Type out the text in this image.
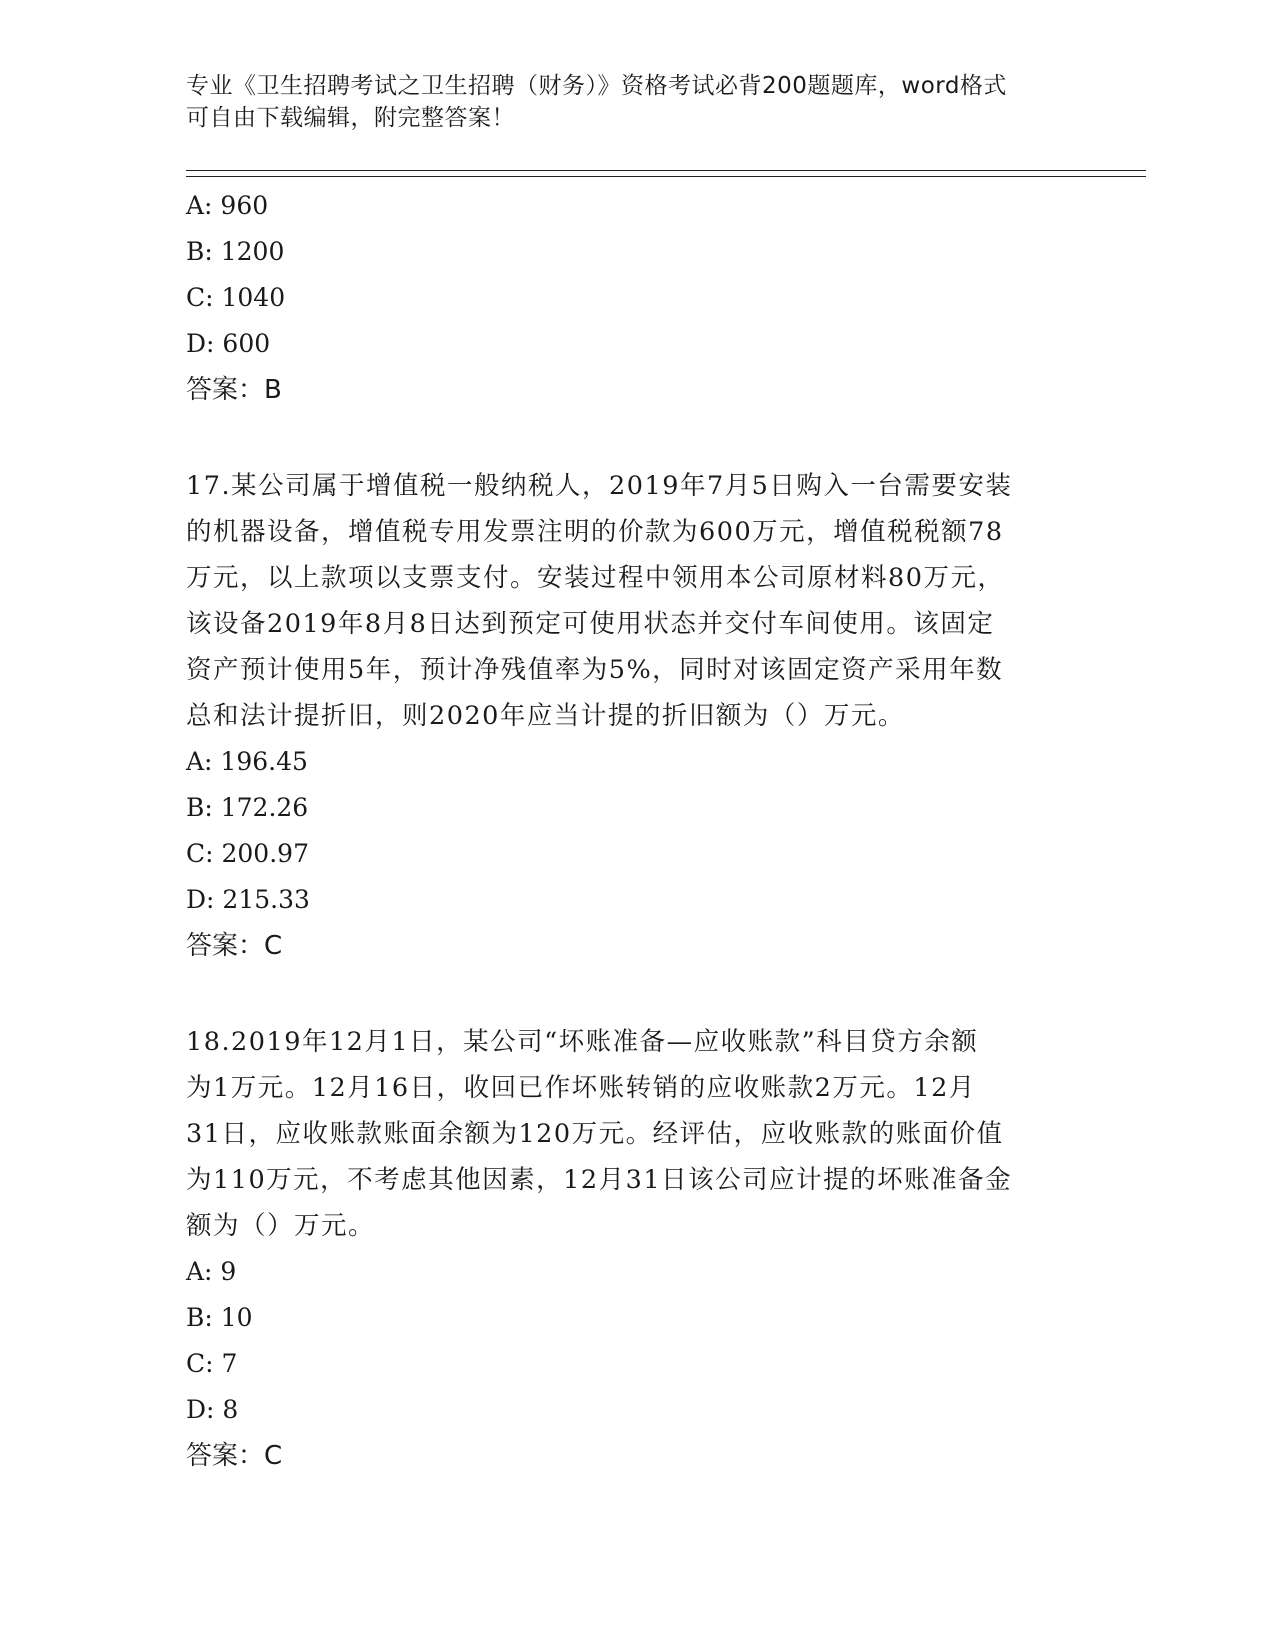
专业《卫生招聘考试之卫生招聘（财务）》资格考试必背200题题库，word格式
可自由下载编辑，附完整答案！
A: 960
B: 1200
C: 1040
D: 600
答案：B
17.某公司属于增值税一般纳税人，2019年7月5日购入一台需要安装
的机器设备，增值税专用发票注明的价款为600万元，增值税税额78
万元，以上款项以支票支付。安装过程中领用本公司原材料80万元，
该设备2019年8月8日达到预定可使用状态并交付车间使用。该固定
资产预计使用5年，预计净残值率为5%，同时对该固定资产采用年数
总和法计提折旧，则2020年应当计提的折旧额为（）万元。
A: 196.45
B: 172.26
C: 200.97
D: 215.33
答案：C
18.2019年12月1日，某公司“坏账准备—应收账款”科目贷方余额
为1万元。12月16日，收回已作坏账转销的应收账款2万元。12月
31日，应收账款账面余额为120万元。经评估，应收账款的账面价值
为110万元，不考虑其他因素，12月31日该公司应计提的坏账准备金
额为（）万元。
A: 9
B: 10
C: 7
D: 8
答案：C
